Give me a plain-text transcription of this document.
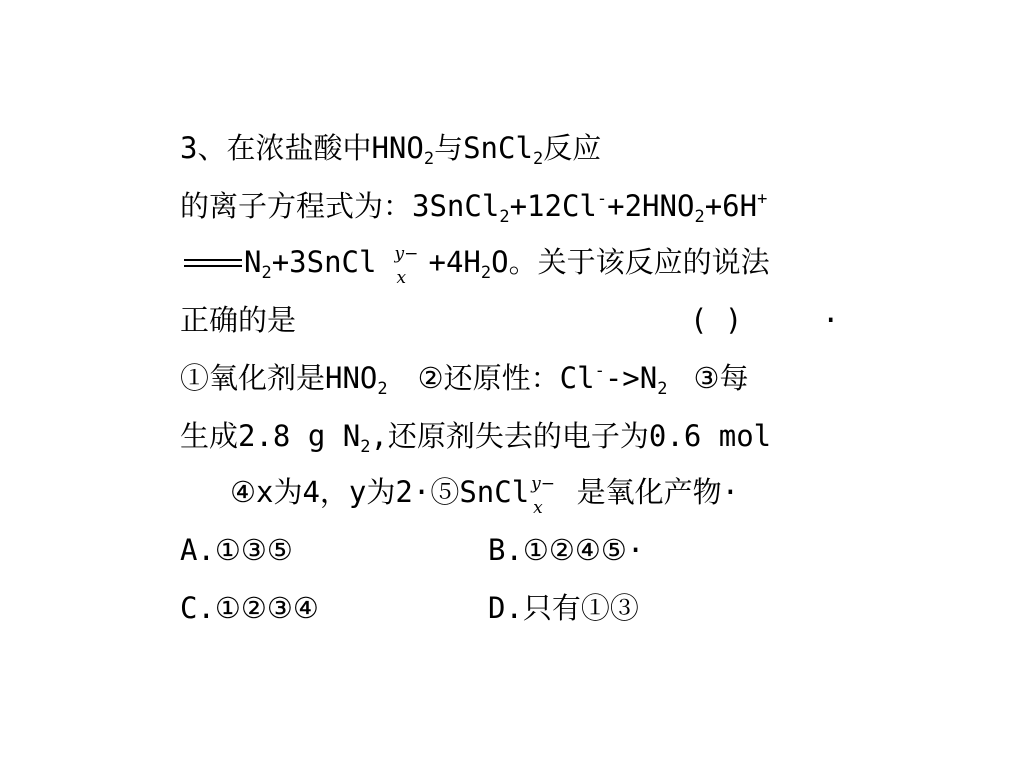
3、在浓盐酸中$HNO_2$与SnCl$_2$反应
的离子方程式为：$3SnCl_2+12Cl^-+2HNO_2+6H^+$
$N_2+3SnCl$ y−
$x +4H_2O$。关于该反应的说法
正确的是	( )	·
①氧化剂是$HNO_2$ ②还原性：$Cl^-->N_2$ ③每
生成2.8 g $N_2$,还原剂失去的电子为0.6 mol
④x为4，y为2·⑤SnCl y−
x 是氧化产物·
A.①③⑤	B.①②④⑤·
C.①②③④	D.只有①③
